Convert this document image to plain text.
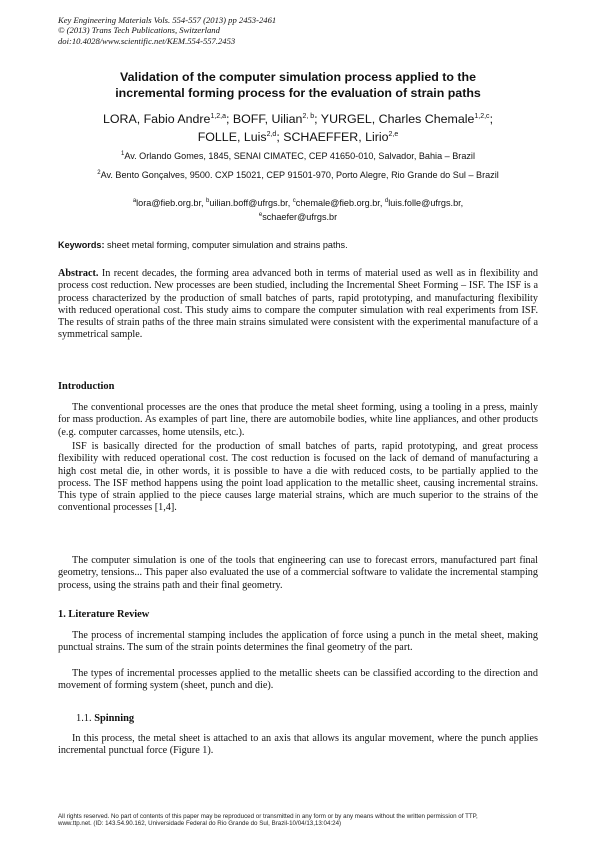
Key Engineering Materials Vols. 554-557 (2013) pp 2453-2461
© (2013) Trans Tech Publications, Switzerland
doi:10.4028/www.scientific.net/KEM.554-557.2453
Validation of the computer simulation process applied to the
incremental forming process for the evaluation of strain paths
LORA, Fabio Andre$^{1,2,a}$; BOFF, Uilian$^{2, b}$; YURGEL, Charles Chemale$^{1,2,c}$;
FOLLE, Luis$^{2,d}$; SCHAEFFER, Lirio$^{2,e}$
$^1$Av. Orlando Gomes, 1845, SENAI CIMATEC, CEP 41650-010, Salvador, Bahia – Brazil
$^2$Av. Bento Gonçalves, 9500. CXP 15021, CEP 91501-970, Porto Alegre, Rio Grande do Sul – Brazil
$^a$lora@fieb.org.br, $^b$uilian.boff@ufrgs.br, $^c$chemale@fieb.org.br, $^d$luis.folle@ufrgs.br,
$^e$schaefer@ufrgs.br
Keywords: sheet metal forming, computer simulation and strains paths.
Abstract. In recent decades, the forming area advanced both in terms of material used as well as in flexibility and process cost reduction. New processes are been studied, including the Incremental Sheet Forming – ISF. The ISF is a process characterized by the production of small batches of parts, rapid prototyping, and manufacturing flexibility with reduced operational cost. This study aims to compare the computer simulation with real experiments from ISF. The results of strain paths of the three main strains simulated were consistent with the experimental manufacture of a symmetrical sample.
Introduction
The conventional processes are the ones that produce the metal sheet forming, using a tooling in a press, mainly for mass production. As examples of part line, there are automobile bodies, white line appliances, and other products (e.g. computer carcasses, home utensils, etc.).
ISF is basically directed for the production of small batches of parts, rapid prototyping, and great process flexibility with reduced operational cost. The cost reduction is focused on the lack of demand of manufacturing a high cost metal die, in other words, it is possible to have a die with reduced costs, to be partially applied to the process. The ISF method happens using the point load application to the metallic sheet, causing incremental strains. This type of strain applied to the piece causes large material strains, which are much superior to the strains of the conventional processes [1,4].
The computer simulation is one of the tools that engineering can use to forecast errors, manufactured part final geometry, tensions... This paper also evaluated the use of a commercial software to validate the incremental stamping process, using the strains path and their final geometry.
1. Literature Review
The process of incremental stamping includes the application of force using a punch in the metal sheet, making punctual strains. The sum of the strain points determines the final geometry of the part.
The types of incremental processes applied to the metallic sheets can be classified according to the direction and movement of forming system (sheet, punch and die).
1.1. Spinning
In this process, the metal sheet is attached to an axis that allows its angular movement, where the punch applies incremental punctual force (Figure 1).
All rights reserved. No part of contents of this paper may be reproduced or transmitted in any form or by any means without the written permission of TTP,
www.ttp.net. (ID: 143.54.90.162, Universidade Federal do Rio Grande do Sul, Brazil-10/04/13,13:04:24)
